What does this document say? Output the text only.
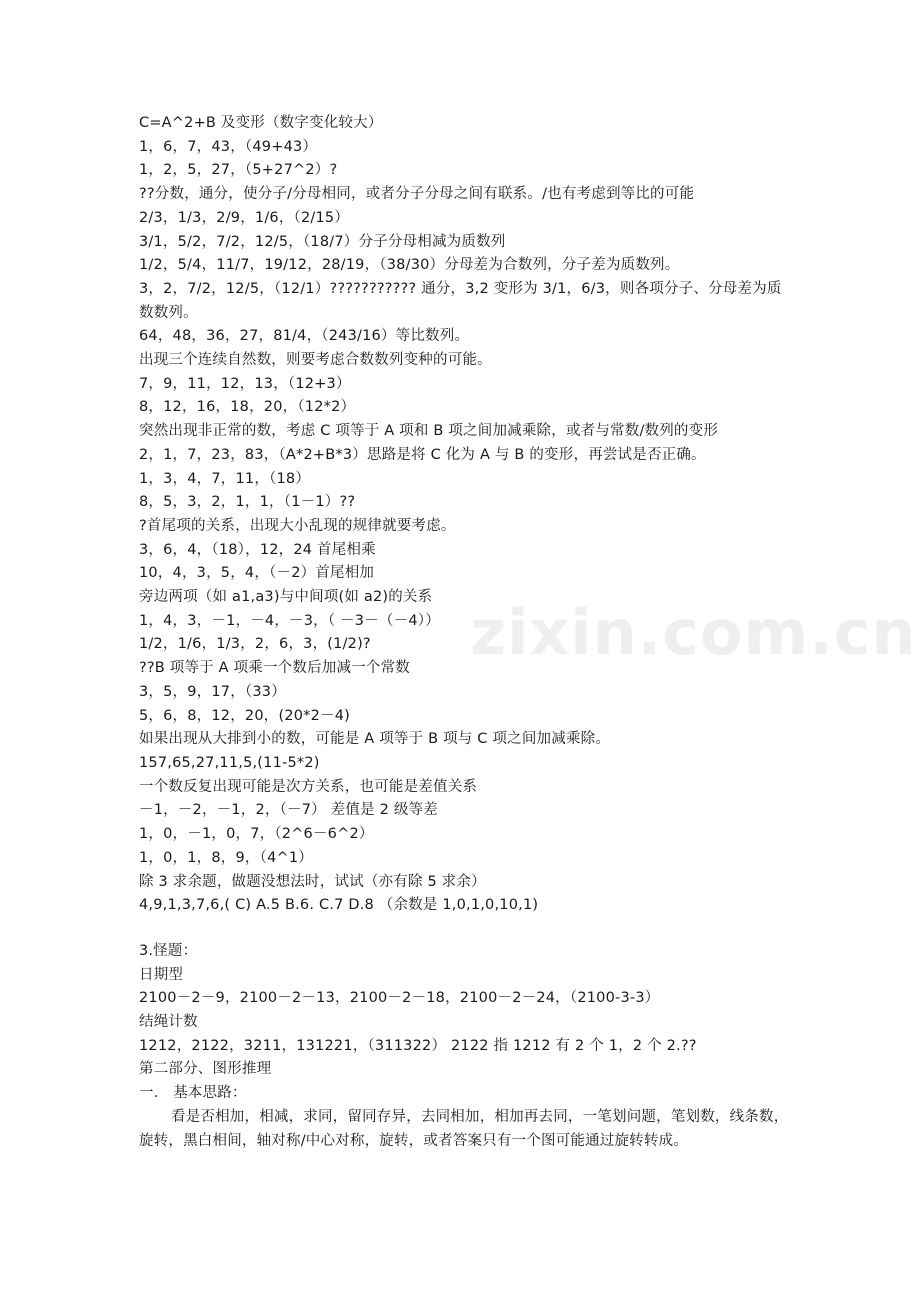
C=A^2+B 及变形（数字变化较大）
1，6，7，43，（49+43）
1，2，5，27，（5+27^2）?
??分数，通分，使分子/分母相同，或者分子分母之间有联系。/也有考虑到等比的可能
2/3，1/3，2/9，1/6，（2/15）
3/1，5/2，7/2，12/5，（18/7）分子分母相减为质数列
1/2，5/4，11/7，19/12，28/19，（38/30）分母差为合数列，分子差为质数列。
3，2，7/2，12/5，（12/1）??????????? 通分，3,2 变形为 3/1，6/3，则各项分子、分母差为质数数列。
64，48，36，27，81/4，（243/16）等比数列。
出现三个连续自然数，则要考虑合数数列变种的可能。
7，9，11，12，13，（12+3）
8，12，16，18，20，（12*2）
突然出现非正常的数，考虑 C 项等于 A 项和 B 项之间加减乘除，或者与常数/数列的变形
2，1，7，23，83，（A*2+B*3）思路是将 C 化为 A 与 B 的变形，再尝试是否正确。
1，3，4，7，11，（18）
8，5，3，2，1，1，（1－1）??
?首尾项的关系，出现大小乱现的规律就要考虑。
3，6，4，（18），12，24 首尾相乘
10，4，3，5，4，（－2）首尾相加
旁边两项（如 a1,a3)与中间项(如 a2)的关系
1，4，3，－1，－4，－3，（ －3－（－4））
1/2，1/6，1/3，2，6，3，(1/2)?
??B 项等于 A 项乘一个数后加减一个常数
3，5，9，17，（33）
5，6，8，12，20，(20*2－4)
如果出现从大排到小的数，可能是 A 项等于 B 项与 C 项之间加减乘除。
157,65,27,11,5,(11-5*2)
一个数反复出现可能是次方关系，也可能是差值关系
－1，－2，－1，2，（－7） 差值是 2 级等差
1，0，－1，0，7，（2^6－6^2）
1，0，1，8，9，（4^1）
除 3 求余题，做题没想法时，试试（亦有除 5 求余）
4,9,1,3,7,6,( C) A.5 B.6. C.7 D.8 （余数是 1,0,1,0,10,1)
3.怪题：
日期型
2100－2－9，2100－2－13，2100－2－18，2100－2－24，（2100-3-3）
结绳计数
1212，2122，3211，131221，（311322） 2122 指 1212 有 2 个 1，2 个 2.??
第二部分、图形推理
一． 基本思路：
看是否相加，相减，求同，留同存异，去同相加，相加再去同，一笔划问题，笔划数，线条数，旋转，黑白相间，轴对称/中心对称，旋转，或者答案只有一个图可能通过旋转转成。
zixin.com.cn
